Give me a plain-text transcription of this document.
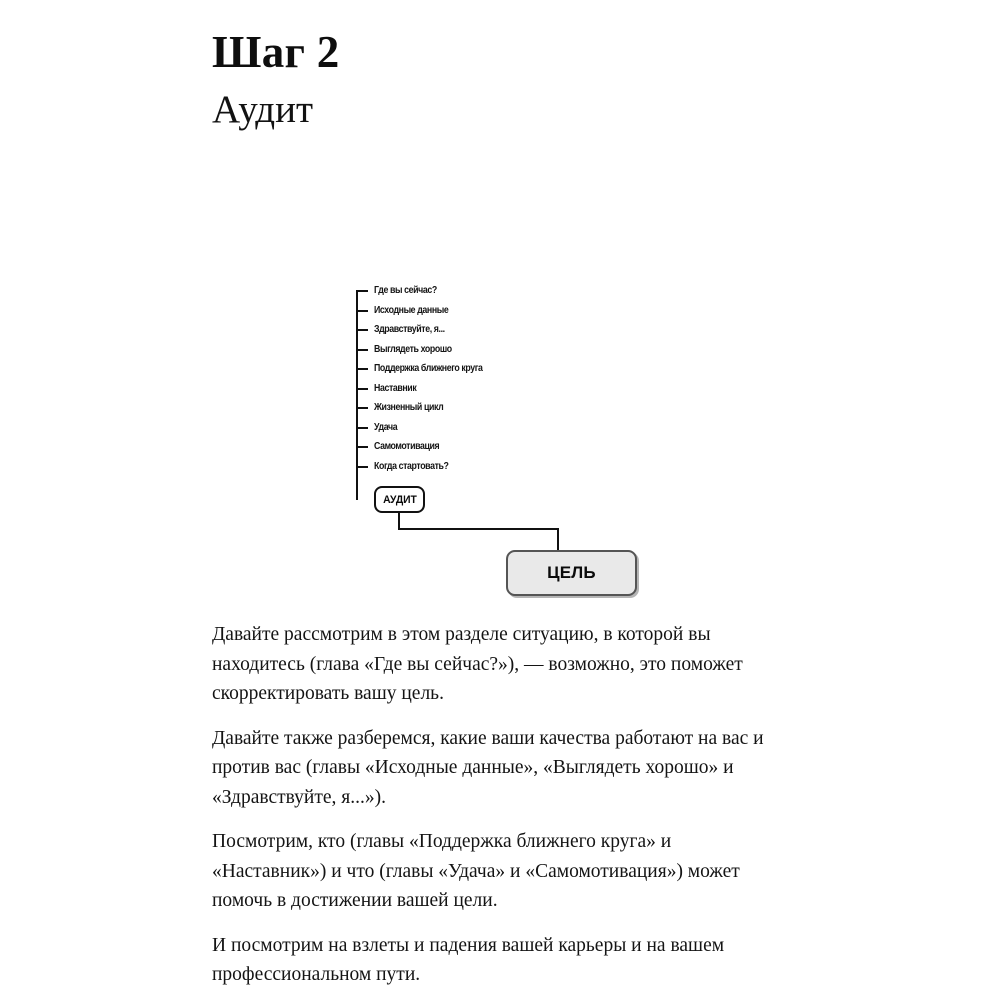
Шаг 2
Аудит
Где вы сейчас?
Исходные данные
Здравствуйте, я...
Выглядеть хорошо
Поддержка ближнего круга
Наставник
Жизненный цикл
Удача
Самомотивация
Когда стартовать?
АУДИТ
ЦЕЛЬ

Давайте рассмотрим в этом разделе ситуацию, в которой вы находитесь (глава «Где вы сейчас?»), — возможно, это поможет скорректировать вашу цель.

Давайте также разберемся, какие ваши качества работают на вас и против вас (главы «Исходные данные», «Выглядеть хорошо» и «Здравствуйте, я...»).

Посмотрим, кто (главы «Поддержка ближнего круга» и «Наставник») и что (главы «Удача» и «Самомотивация») может помочь в достижении вашей цели.

И посмотрим на взлеты и падения вашей карьеры и на вашем профессиональном пути.
